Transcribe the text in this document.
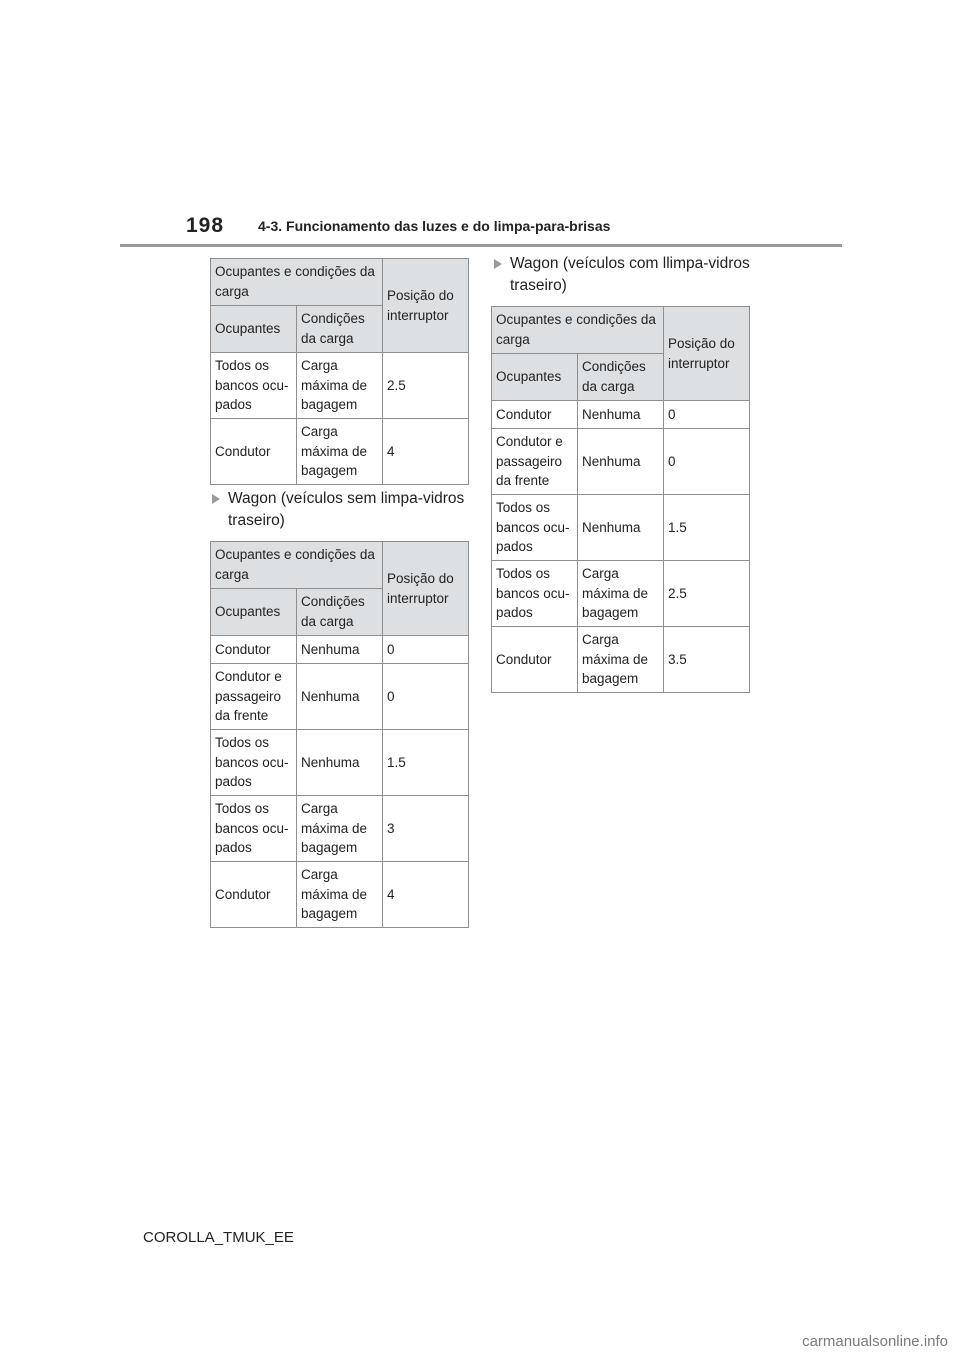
198 4-3. Funcionamento das luzes e do limpa-para-brisas
Ocupantes e condições da carga		Posição do interruptor
Ocupantes	Condições da carga	
Todos os bancos ocu-pados	Carga máxima de bagagem	2.5
Condutor	Carga máxima de bagagem	4
Wagon (veículos sem limpa-vidros traseiro)
Ocupantes e condições da carga		Posição do interruptor
Ocupantes	Condições da carga	
Condutor	Nenhuma	0
Condutor e passageiro da frente	Nenhuma	0
Todos os bancos ocu-pados	Nenhuma	1.5
Todos os bancos ocu-pados	Carga máxima de bagagem	3
Condutor	Carga máxima de bagagem	4
Wagon (veículos com llimpa-vidros traseiro)
Ocupantes e condições da carga		Posição do interruptor
Ocupantes	Condições da carga	
Condutor	Nenhuma	0
Condutor e passageiro da frente	Nenhuma	0
Todos os bancos ocu-pados	Nenhuma	1.5
Todos os bancos ocu-pados	Carga máxima de bagagem	2.5
Condutor	Carga máxima de bagagem	3.5
COROLLA_TMUK_EE
carmanualsonline.info
